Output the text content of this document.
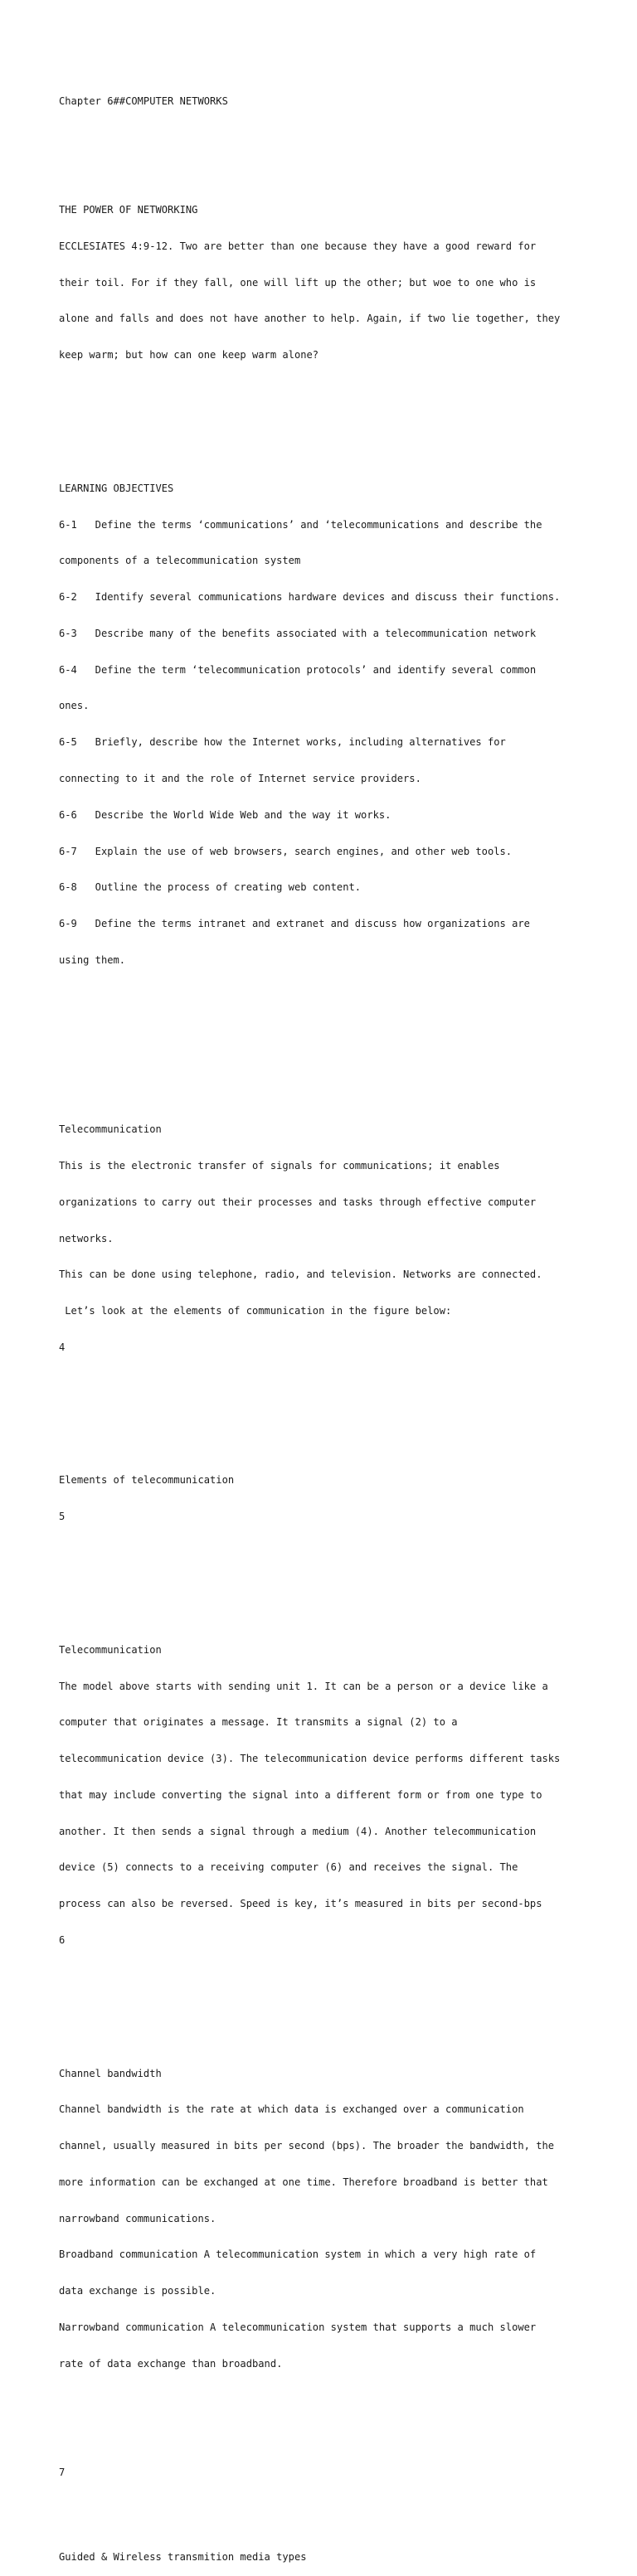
Chapter 6##COMPUTER NETWORKS

THE POWER OF NETWORKING

ECCLESIATES 4:9-12. Two are better than one because they have a good reward for

their toil. For if they fall, one will lift up the other; but woe to one who is

alone and falls and does not have another to help. Again, if two lie together, they

keep warm; but how can one keep warm alone?

LEARNING OBJECTIVES

6-1   Define the terms ‘communications’ and ‘telecommunications and describe the

components of a telecommunication system

6-2   Identify several communications hardware devices and discuss their functions.

6-3   Describe many of the benefits associated with a telecommunication network

6-4   Define the term ‘telecommunication protocols’ and identify several common

ones.

6-5   Briefly, describe how the Internet works, including alternatives for

connecting to it and the role of Internet service providers.

6-6   Describe the World Wide Web and the way it works.

6-7   Explain the use of web browsers, search engines, and other web tools.

6-8   Outline the process of creating web content.

6-9   Define the terms intranet and extranet and discuss how organizations are

using them.

Telecommunication

This is the electronic transfer of signals for communications; it enables

organizations to carry out their processes and tasks through effective computer

networks.

This can be done using telephone, radio, and television. Networks are connected.

Let’s look at the elements of communication in the figure below:

4

Elements of telecommunication

5

Telecommunication

The model above starts with sending unit 1. It can be a person or a device like a

computer that originates a message. It transmits a signal (2) to a

telecommunication device (3). The telecommunication device performs different tasks

that may include converting the signal into a different form or from one type to

another. It then sends a signal through a medium (4). Another telecommunication

device (5) connects to a receiving computer (6) and receives the signal. The

process can also be reversed. Speed is key, it’s measured in bits per second-bps

6

Channel bandwidth

Channel bandwidth is the rate at which data is exchanged over a communication

channel, usually measured in bits per second (bps). The broader the bandwidth, the

more information can be exchanged at one time. Therefore broadband is better that

narrowband communications.

Broadband communication A telecommunication system in which a very high rate of

data exchange is possible.

Narrowband communication A telecommunication system that supports a much slower

rate of data exchange than broadband.

7

Guided & Wireless transmition media types
